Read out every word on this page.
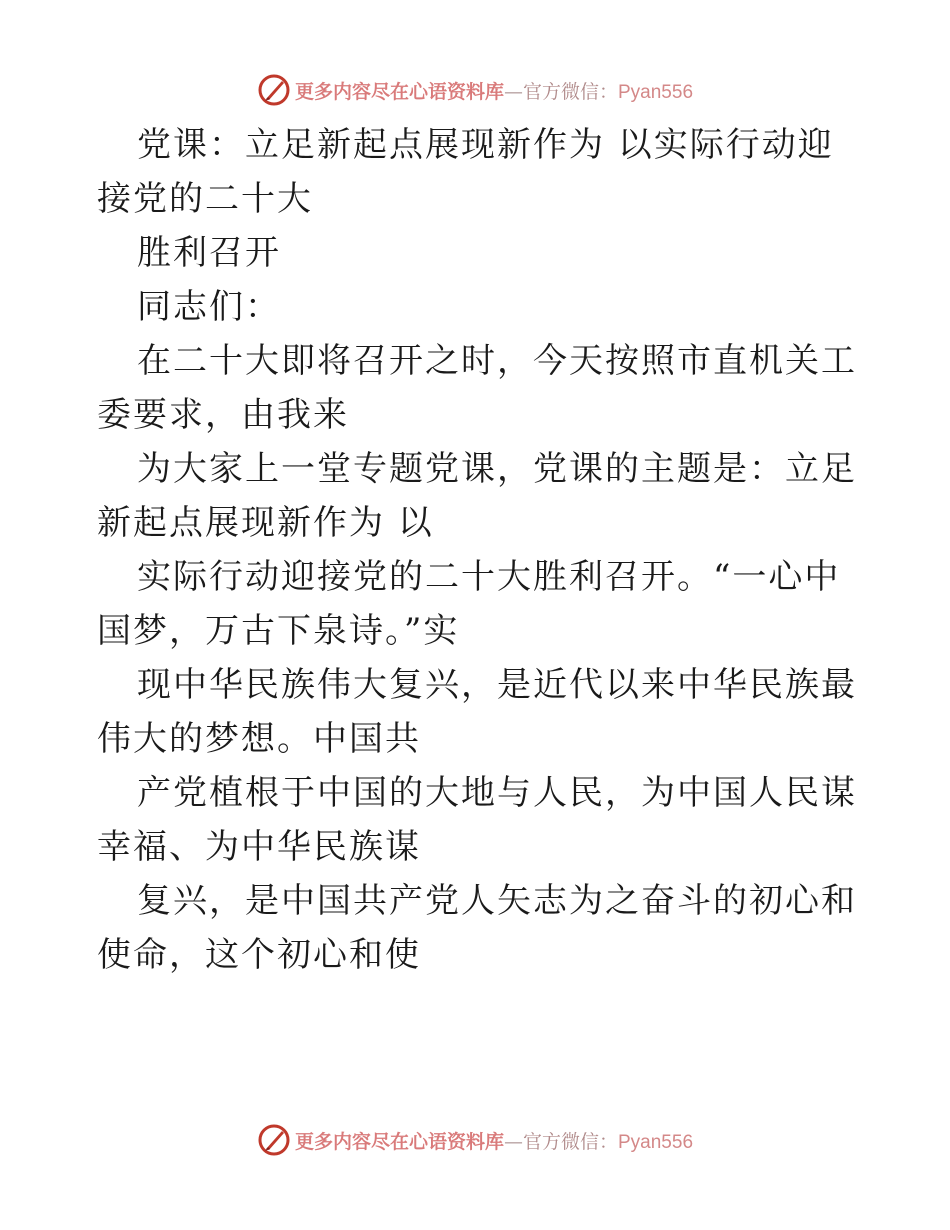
更多内容尽在心语资料库—官方微信：Pyan556

党课：立足新起点展现新作为 以实际行动迎接党的二十大

胜利召开

同志们：

在二十大即将召开之时，今天按照市直机关工委要求，由我来

为大家上一堂专题党课，党课的主题是：立足新起点展现新作为 以

实际行动迎接党的二十大胜利召开。“一心中国梦，万古下泉诗。”实

现中华民族伟大复兴，是近代以来中华民族最伟大的梦想。中国共

产党植根于中国的大地与人民，为中国人民谋幸福、为中华民族谋

复兴，是中国共产党人矢志为之奋斗的初心和使命，这个初心和使

更多内容尽在心语资料库—官方微信：Pyan556
